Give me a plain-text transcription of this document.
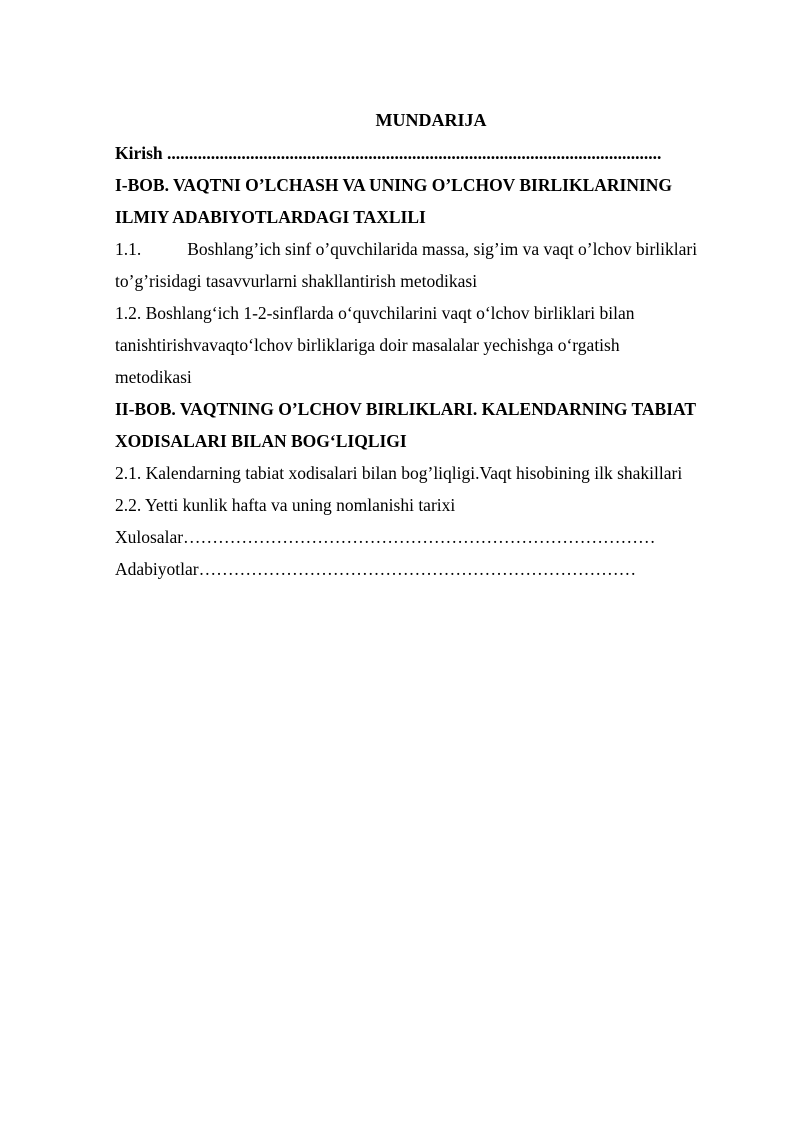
MUNDARIJA
Kirish .................................................................................................................
I-BOB. VAQTNI O’LCHASH VA UNING O’LCHOV BIRLIKLARINING
ILMIY ADABIYOTLARDAGI TAXLILI
1.1.	Boshlang’ich sinf o’quvchilarida massa, sig’im va vaqt o’lchov birliklari
to’g’risidagi tasavvurlarni shakllantirish metodikasi
1.2. Boshlang‘ich 1-2-sinflarda o‘quvchilarini vaqt o‘lchov birliklari bilan
tanishtirishvavaqto‘lchov birliklariga doir masalalar yechishga o‘rgatish
metodikasi
II-BOB. VAQTNING O’LCHOV BIRLIKLARI. KALENDARNING TABIAT
XODISALARI BILAN BOG‘LIQLIGI
2.1. Kalendarning tabiat xodisalari bilan bog’liqligi.Vaqt hisobining ilk shakillari
2.2. Yetti kunlik hafta va uning nomlanishi tarixi
Xulosalar………………………………………………………………………
Adabiyotlar…………………………………………………………………
